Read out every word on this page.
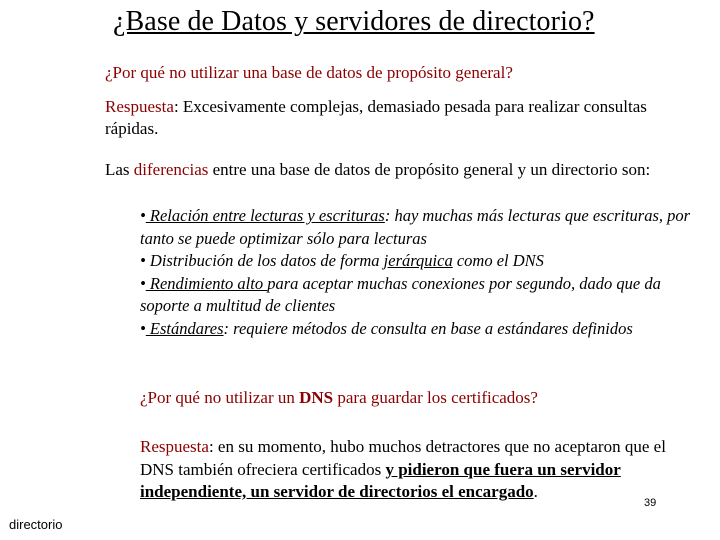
¿Base de Datos y servidores de directorio?
¿Por qué no utilizar una base de datos de propósito general?
Respuesta: Excesivamente complejas, demasiado pesada para realizar consultas rápidas.
Las diferencias entre una base de datos de propósito general y un directorio son:

• Relación entre lecturas y escrituras: hay muchas más lecturas que escrituras, por tanto se puede optimizar sólo para lecturas

• Distribución de los datos de forma jerárquica como el DNS

• Rendimiento alto para aceptar muchas conexiones por segundo, dado que da soporte a multitud de clientes

• Estándares: requiere métodos de consulta en base a estándares definidos

¿Por qué no utilizar un DNS para guardar los certificados?
Respuesta: en su momento, hubo muchos detractores que no aceptaron que el DNS también ofreciera certificados y pidieron que fuera un servidor independiente, un servidor de directorios el encargado.
directorio
39
